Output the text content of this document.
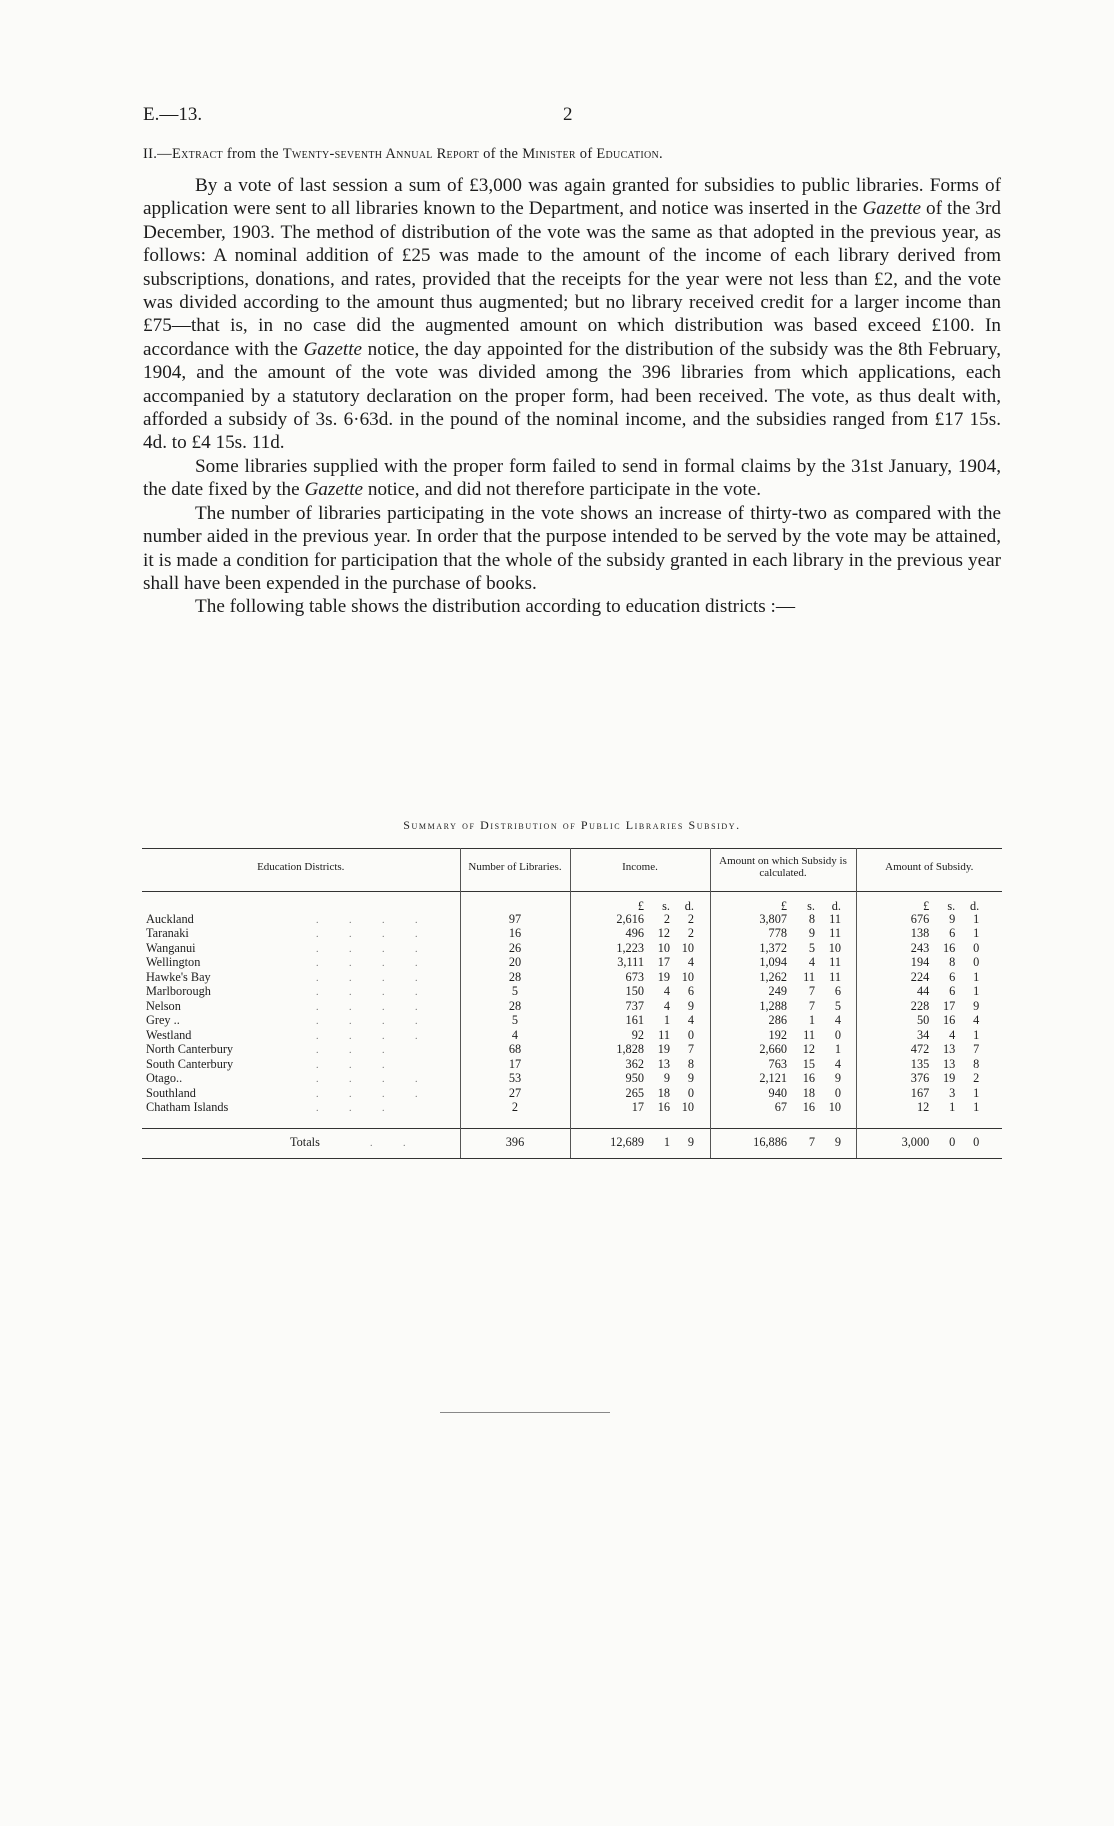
E.—13.	2
II.—Extract from the Twenty-seventh Annual Report of the Minister of Education.

By a vote of last session a sum of £3,000 was again granted for subsidies to public libraries. Forms of application were sent to all libraries known to the Department, and notice was inserted in the Gazette of the 3rd December, 1903. The method of distribution of the vote was the same as that adopted in the previous year, as follows: A nominal addition of £25 was made to the amount of the income of each library derived from subscriptions, donations, and rates, provided that the receipts for the year were not less than £2, and the vote was divided according to the amount thus augmented; but no library received credit for a larger income than £75—that is, in no case did the augmented amount on which distribution was based exceed £100. In accordance with the Gazette notice, the day appointed for the distribution of the subsidy was the 8th February, 1904, and the amount of the vote was divided among the 396 libraries from which applications, each accompanied by a statutory declaration on the proper form, had been received. The vote, as thus dealt with, afforded a subsidy of 3s. 6·63d. in the pound of the nominal income, and the subsidies ranged from £17 15s. 4d. to £4 15s. 11d.

Some libraries supplied with the proper form failed to send in formal claims by the 31st January, 1904, the date fixed by the Gazette notice, and did not therefore participate in the vote.

The number of libraries participating in the vote shows an increase of thirty-two as compared with the number aided in the previous year. In order that the purpose intended to be served by the vote may be attained, it is made a condition for participation that the whole of the subsidy granted in each library in the previous year shall have been expended in the purchase of books.

The following table shows the distribution according to education districts :—

Summary of Distribution of Public Libraries Subsidy.
Education Districts.	Number of Libraries.	Income.	Amount on which Subsidy is calculated.	Amount of Subsidy.
		£ s. d.	£ s. d.	£ s. d.
Auckland . . . .	97	2,616 2 2	3,807 8 11	676 9 1
Taranaki . . . .	16	496 12 2	778 9 11	138 6 1
Wanganui . . . .	26	1,223 10 10	1,372 5 10	243 16 0
Wellington . . . .	20	3,111 17 4	1,094 4 11	194 8 0
Hawke's Bay . . . .	28	673 19 10	1,262 11 11	224 6 1
Marlborough . . . .	5	150 4 6	249 7 6	44 6 1
Nelson . . . .	28	737 4 9	1,288 7 5	228 17 9
Grey .. . . . .	5	161 1 4	286 1 4	50 16 4
Westland . . . .	4	92 11 0	192 11 0	34 4 1
North Canterbury . . .	68	1,828 19 7	2,660 12 1	472 13 7
South Canterbury . . .	17	362 13 8	763 15 4	135 13 8
Otago.. . . . .	53	950 9 9	2,121 16 9	376 19 2
Southland . . . .	27	265 18 0	940 18 0	167 3 1
Chatham Islands . . .	2	17 16 10	67 16 10	12 1 1

Totals . .	396	12,689 1 9	16,886 7 9	3,000 0 0
